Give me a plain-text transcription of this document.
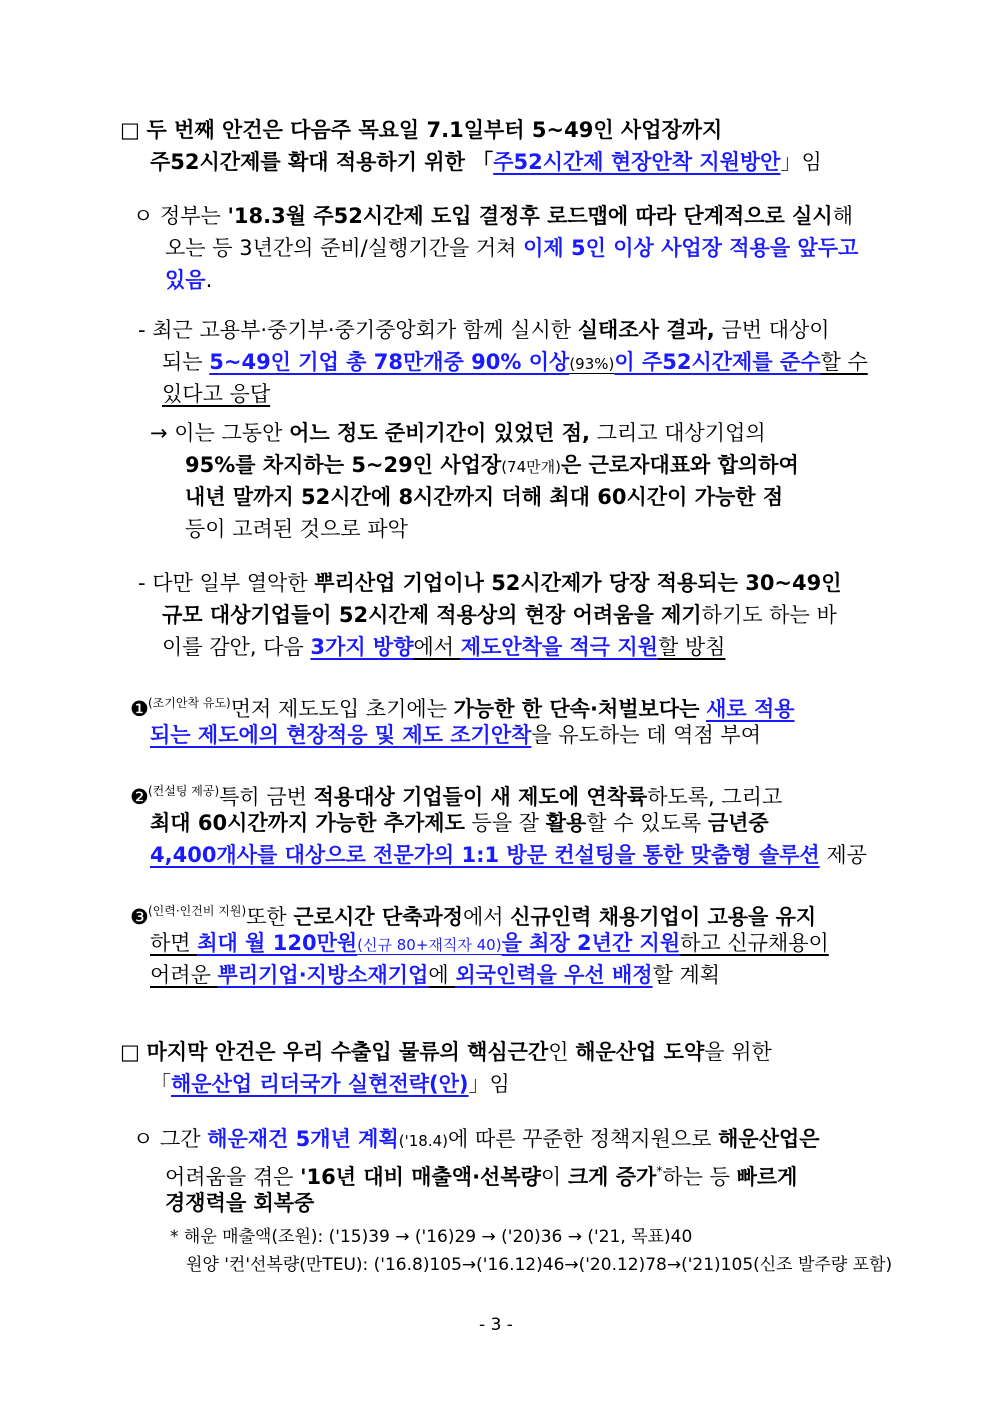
□ 두 번째 안건은 다음주 목요일 7.1일부터 5~49인 사업장까지
주52시간제를 확대 적용하기 위한 「주52시간제 현장안착 지원방안」임
ㅇ 정부는 '18.3월 주52시간제 도입 결정후 로드맵에 따라 단계적으로 실시해
오는 등 3년간의 준비/실행기간을 거쳐 이제 5인 이상 사업장 적용을 앞두고
있음.
- 최근 고용부·중기부·중기중앙회가 함께 실시한 실태조사 결과, 금번 대상이
되는 5~49인 기업 총 78만개중 90% 이상(93%)이 주52시간제를 준수할 수
있다고 응답
→ 이는 그동안 어느 정도 준비기간이 있었던 점, 그리고 대상기업의
95%를 차지하는 5~29인 사업장(74만개)은 근로자대표와 합의하여
내년 말까지 52시간에 8시간까지 더해 최대 60시간이 가능한 점
등이 고려된 것으로 파악
- 다만 일부 열악한 뿌리산업 기업이나 52시간제가 당장 적용되는 30~49인
규모 대상기업들이 52시간제 적용상의 현장 어려움을 제기하기도 하는 바
이를 감안, 다음 3가지 방향에서 제도안착을 적극 지원할 방침
❶$^{(조기안착 유도)}$먼저 제도도입 초기에는 가능한 한 단속·처벌보다는 새로 적용
되는 제도에의 현장적응 및 제도 조기안착을 유도하는 데 역점 부여
❷$^{(컨설팅 제공)}$특히 금번 적용대상 기업들이 새 제도에 연착륙하도록, 그리고
최대 60시간까지 가능한 추가제도 등을 잘 활용할 수 있도록 금년중
4,400개사를 대상으로 전문가의 1:1 방문 컨설팅을 통한 맞춤형 솔루션 제공
❸$^{(인력\cdot 인건비 지원)}$또한 근로시간 단축과정에서 신규인력 채용기업이 고용을 유지
하면 최대 월 120만원(신규 80+재직자 40)을 최장 2년간 지원하고 신규채용이
어려운 뿌리기업·지방소재기업에 외국인력을 우선 배정할 계획
□ 마지막 안건은 우리 수출입 물류의 핵심근간인 해운산업 도약을 위한
「해운산업 리더국가 실현전략(안)」임
ㅇ 그간 해운재건 5개년 계획('18.4)에 따른 꾸준한 정책지원으로 해운산업은
어려움을 겪은 '16년 대비 매출액·선복량이 크게 증가*하는 등 빠르게
경쟁력을 회복중
* 해운 매출액(조원): ('15)39 → ('16)29 → ('20)36 → ('21, 목표)40
원양 '컨'선복량(만TEU): ('16.8)105→('16.12)46→('20.12)78→('21)105(신조 발주량 포함)
- 3 -
